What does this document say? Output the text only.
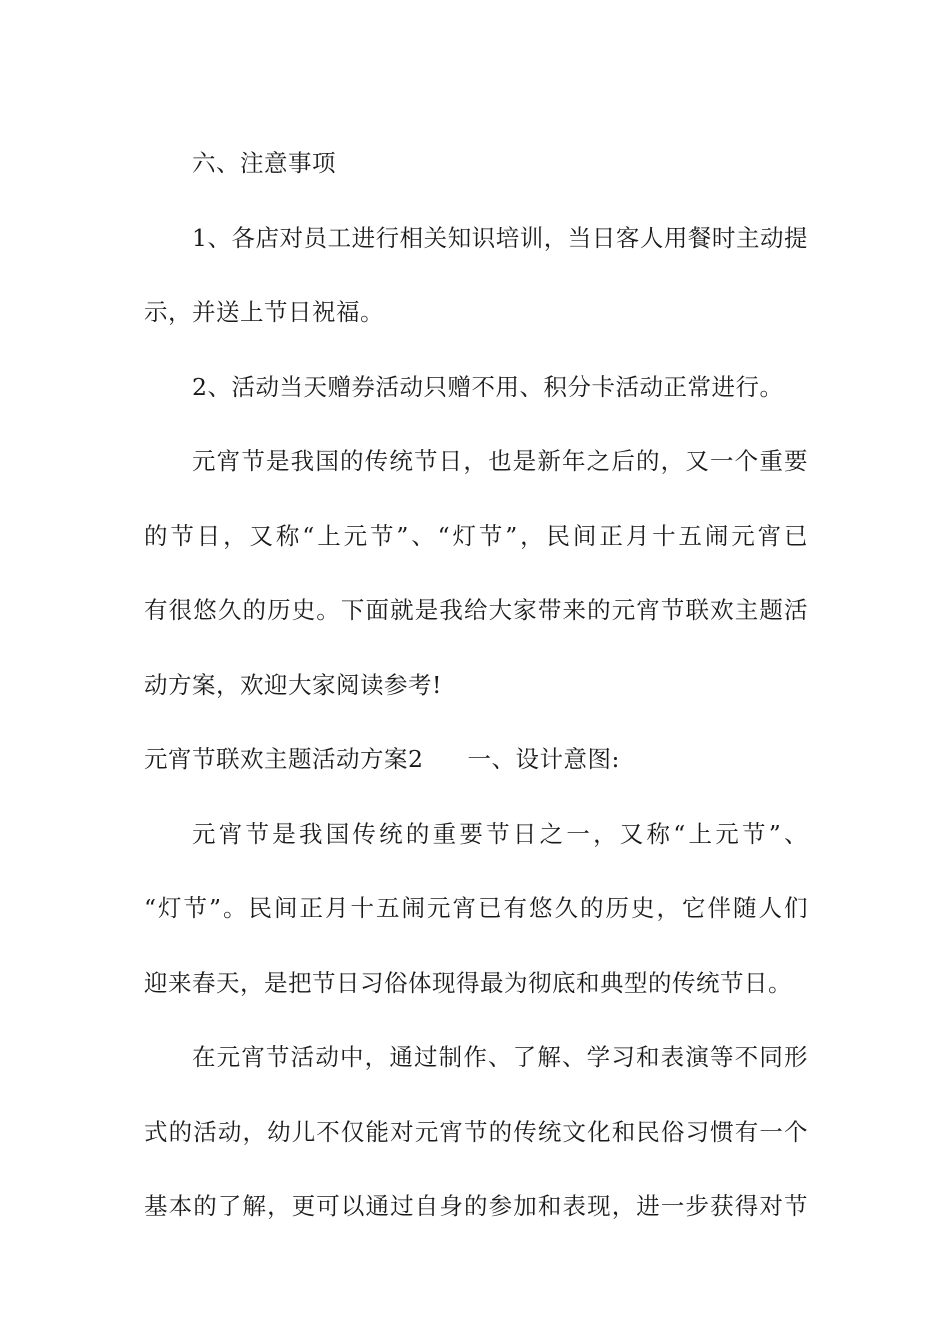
六、注意事项

1、各店对员工进行相关知识培训，当日客人用餐时主动提
示，并送上节日祝福。

2、活动当天赠券活动只赠不用、积分卡活动正常进行。

元宵节是我国的传统节日，也是新年之后的，又一个重要
的节日，又称“上元节”、“灯节”，民间正月十五闹元宵已
有很悠久的历史。下面就是我给大家带来的元宵节联欢主题活
动方案，欢迎大家阅读参考!

元宵节联欢主题活动方案2 一、设计意图:

元宵节是我国传统的重要节日之一，又称“上元节”、
“灯节”。民间正月十五闹元宵已有悠久的历史，它伴随人们
迎来春天，是把节日习俗体现得最为彻底和典型的传统节日。

在元宵节活动中，通过制作、了解、学习和表演等不同形
式的活动，幼儿不仅能对元宵节的传统文化和民俗习惯有一个
基本的了解，更可以通过自身的参加和表现，进一步获得对节
